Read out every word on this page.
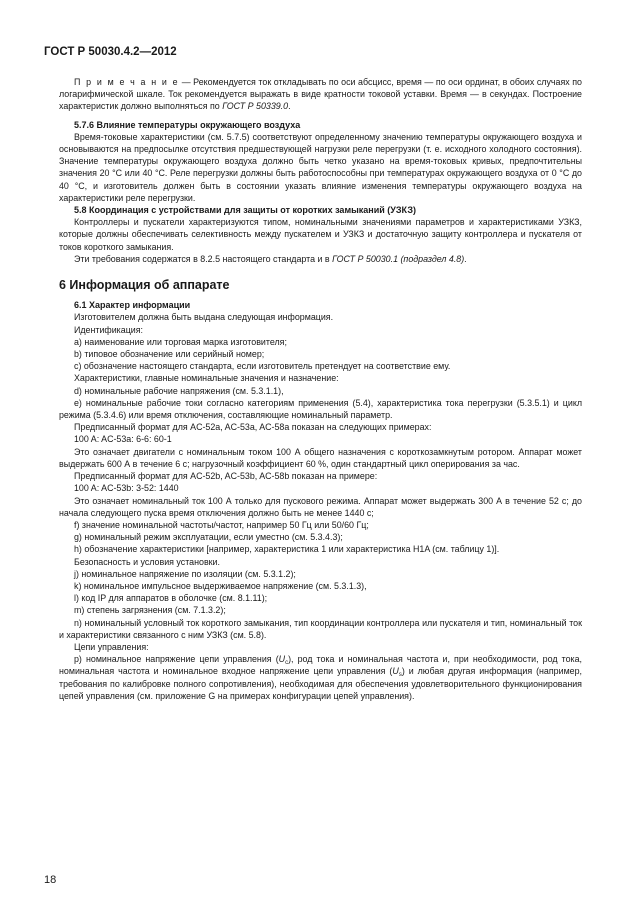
ГОСТ Р 50030.4.2—2012

П р и м е ч а н и е — Рекомендуется ток откладывать по оси абсцисс, время — по оси ординат, в обоих случаях по логарифмической шкале. Ток рекомендуется выражать в виде кратности токовой уставки. Время — в секундах. Построение характеристик должно выполняться по ГОСТ Р 50339.0.

5.7.6 Влияние температуры окружающего воздуха

Время-токовые характеристики (см. 5.7.5) соответствуют определенному значению температуры окружающего воздуха и основываются на предпосылке отсутствия предшествующей нагрузки реле перегрузки (т. е. исходного холодного состояния). Значение температуры окружающего воздуха должно быть четко указано на время-токовых кривых, предпочтительны значения 20 °С или 40 °С. Реле перегрузки должны быть работоспособны при температурах окружающего воздуха от 0 °С до 40 °С, и изготовитель должен быть в состоянии указать влияние изменения температуры окружающего воздуха на характеристики реле перегрузки.

5.8 Координация с устройствами для защиты от коротких замыканий (УЗКЗ)

Контроллеры и пускатели характеризуются типом, номинальными значениями параметров и характеристиками УЗКЗ, которые должны обеспечивать селективность между пускателем и УЗКЗ и достаточную защиту контроллера и пускателя от токов короткого замыкания.

Эти требования содержатся в 8.2.5 настоящего стандарта и в ГОСТ Р 50030.1 (подраздел 4.8).

6 Информация об аппарате
6.1 Характер информации

Изготовителем должна быть выдана следующая информация.

Идентификация:

a) наименование или торговая марка изготовителя;

b) типовое обозначение или серийный номер;

c) обозначение настоящего стандарта, если изготовитель претендует на соответствие ему.

Характеристики, главные номинальные значения и назначение:

d) номинальные рабочие напряжения (см. 5.3.1.1),

e) номинальные рабочие токи согласно категориям применения (5.4), характеристика тока перегрузки (5.3.5.1) и цикл режима (5.3.4.6) или время отключения, составляющие номинальный параметр.

Предписанный формат для AC-52a, AC-53a, AC-58a показан на следующих примерах:

100 A: AC-53a: 6-6: 60-1

Это означает двигатели с номинальным током 100 А общего назначения с короткозамкнутым ротором. Аппарат может выдержать 600 А в течение 6 с; нагрузочный коэффициент 60 %, один стандартный цикл оперирования за час.

Предписанный формат для AC-52b, AC-53b, AC-58b показан на примере:

100 A: AC-53b: 3-52: 1440

Это означает номинальный ток 100 А только для пускового режима. Аппарат может выдержать 300 А в течение 52 с; до начала следующего пуска время отключения должно быть не менее 1440 с;

f) значение номинальной частоты/частот, например 50 Гц или 50/60 Гц;

g) номинальный режим эксплуатации, если уместно (см. 5.3.4.3);

h) обозначение характеристики [например, характеристика 1 или характеристика H1A (см. таблицу 1)].

Безопасность и условия установки.

j) номинальное напряжение по изоляции (см. 5.3.1.2);

k) номинальное импульсное выдерживаемое напряжение (см. 5.3.1.3),

l) код IP для аппаратов в оболочке (см. 8.1.11);

m) степень загрязнения (см. 7.1.3.2);

n) номинальный условный ток короткого замыкания, тип координации контроллера или пускателя и тип, номинальный ток и характеристики связанного с ним УЗКЗ (см. 5.8).

Цепи управления:

p) номинальное напряжение цепи управления $(U_c)$, род тока и номинальная частота и, при необходимости, род тока, номинальная частота и номинальное входное напряжение цепи управления $(U_s)$ и любая другая информация (например, требования по калибровке полного сопротивления), необходимая для обеспечения удовлетворительного функционирования цепей управления (см. приложение G на примерах конфигурации цепей управления).

18
